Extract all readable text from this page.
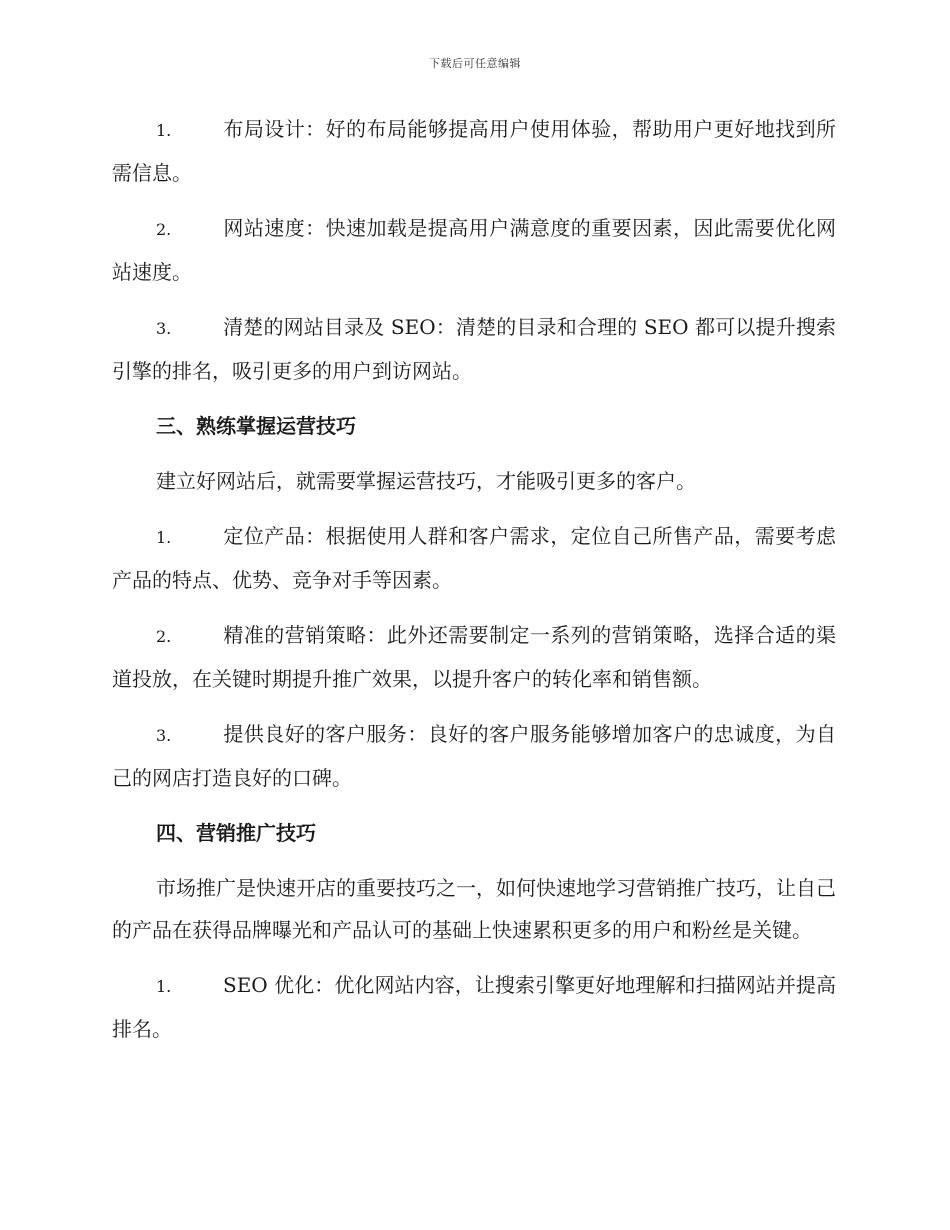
下载后可任意编辑

1.	布局设计：好的布局能够提高用户使用体验，帮助用户更好地找到所需信息。

2.	网站速度：快速加载是提高用户满意度的重要因素，因此需要优化网站速度。

3.	清楚的网站目录及 SEO：清楚的目录和合理的 SEO 都可以提升搜索引擎的排名，吸引更多的用户到访网站。

三、熟练掌握运营技巧

建立好网站后，就需要掌握运营技巧，才能吸引更多的客户。

1.	定位产品：根据使用人群和客户需求，定位自己所售产品，需要考虑产品的特点、优势、竞争对手等因素。

2.	精准的营销策略：此外还需要制定一系列的营销策略，选择合适的渠道投放，在关键时期提升推广效果，以提升客户的转化率和销售额。

3.	提供良好的客户服务：良好的客户服务能够增加客户的忠诚度，为自己的网店打造良好的口碑。

四、营销推广技巧

市场推广是快速开店的重要技巧之一，如何快速地学习营销推广技巧，让自己的产品在获得品牌曝光和产品认可的基础上快速累积更多的用户和粉丝是关键。

1.	SEO 优化：优化网站内容，让搜索引擎更好地理解和扫描网站并提高排名。
